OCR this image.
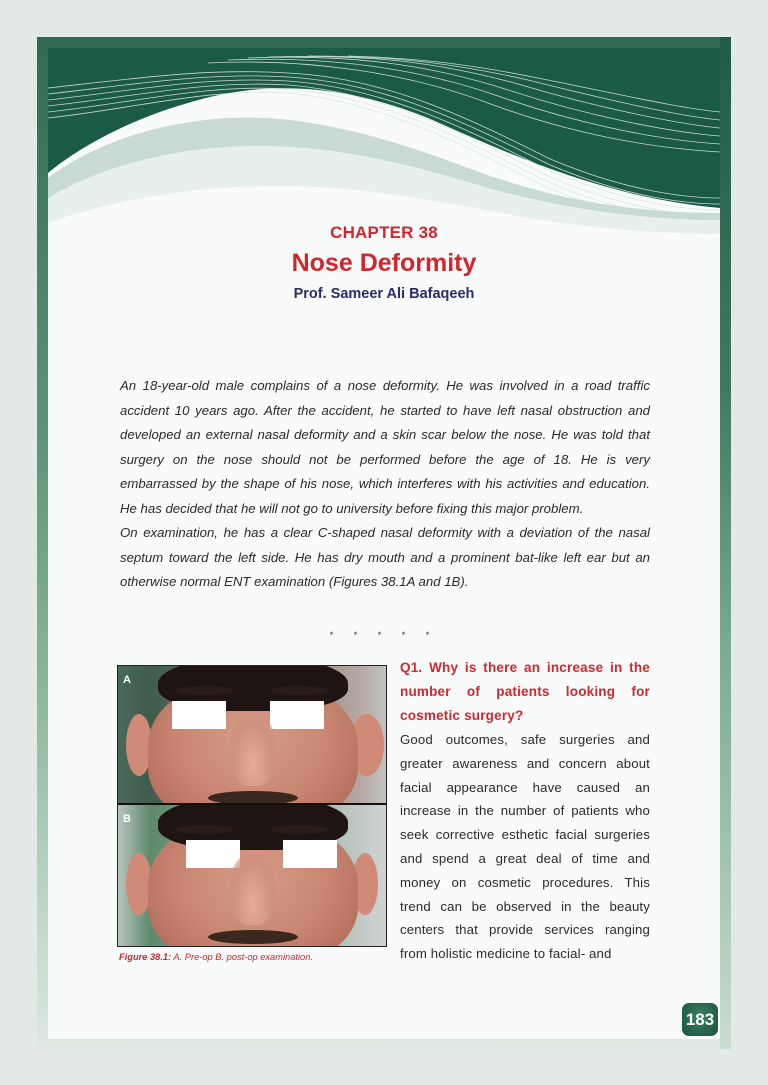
CHAPTER 38
Nose Deformity
Prof. Sameer Ali Bafaqeeh

An 18-year-old male complains of a nose deformity. He was involved in a road traffic accident 10 years ago. After the accident, he started to have left nasal obstruction and developed an external nasal deformity and a skin scar below the nose. He was told that surgery on the nose should not be performed before the age of 18. He is very embarrassed by the shape of his nose, which interferes with his activities and education. He has decided that he will not go to university before fixing this major problem.

On examination, he has a clear C-shaped nasal deformity with a deviation of the nasal septum toward the left side. He has dry mouth and a prominent bat-like left ear but an otherwise normal ENT examination (Figures 38.1A and 1B).

* * * * *
A
B
Figure 38.1: A. Pre-op B. post-op examination.

Q1. Why is there an increase in the number of patients looking for cosmetic surgery?

Good outcomes, safe surgeries and greater awareness and concern about facial appearance have caused an increase in the number of patients who seek corrective esthetic facial surgeries and spend a great deal of time and money on cosmetic procedures. This trend can be observed in the beauty centers that provide services ranging from holistic medicine to facial- and

183
